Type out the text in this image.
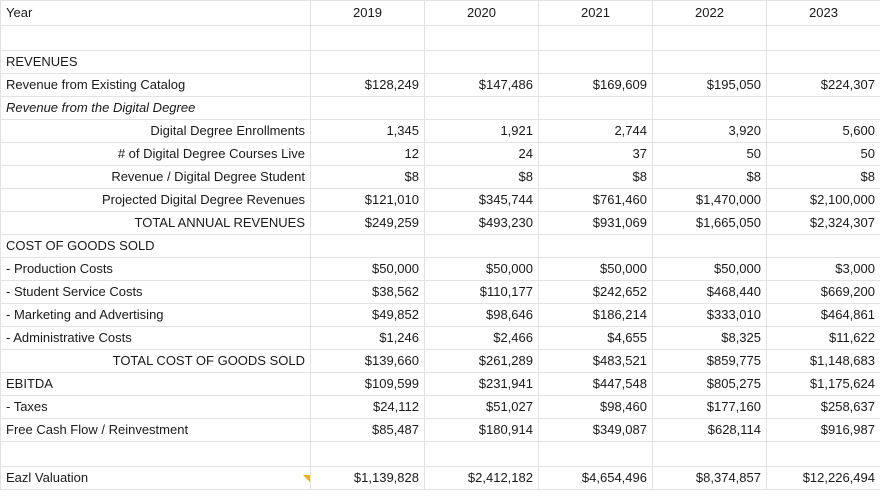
Year	2019	2020	2021	2022	2023

REVENUES					
Revenue from Existing Catalog	$128,249	$147,486	$169,609	$195,050	$224,307
Revenue from the Digital Degree					
Digital Degree Enrollments	1,345	1,921	2,744	3,920	5,600
# of Digital Degree Courses Live	12	24	37	50	50
Revenue / Digital Degree Student	$8	$8	$8	$8	$8
Projected Digital Degree Revenues	$121,010	$345,744	$761,460	$1,470,000	$2,100,000
TOTAL ANNUAL REVENUES	$249,259	$493,230	$931,069	$1,665,050	$2,324,307
COST OF GOODS SOLD					
- Production Costs	$50,000	$50,000	$50,000	$50,000	$3,000
- Student Service Costs	$38,562	$110,177	$242,652	$468,440	$669,200
- Marketing and Advertising	$49,852	$98,646	$186,214	$333,010	$464,861
- Administrative Costs	$1,246	$2,466	$4,655	$8,325	$11,622
TOTAL COST OF GOODS SOLD	$139,660	$261,289	$483,521	$859,775	$1,148,683
EBITDA	$109,599	$231,941	$447,548	$805,275	$1,175,624
- Taxes	$24,112	$51,027	$98,460	$177,160	$258,637
Free Cash Flow / Reinvestment	$85,487	$180,914	$349,087	$628,114	$916,987

Eazl Valuation	$1,139,828	$2,412,182	$4,654,496	$8,374,857	$12,226,494
